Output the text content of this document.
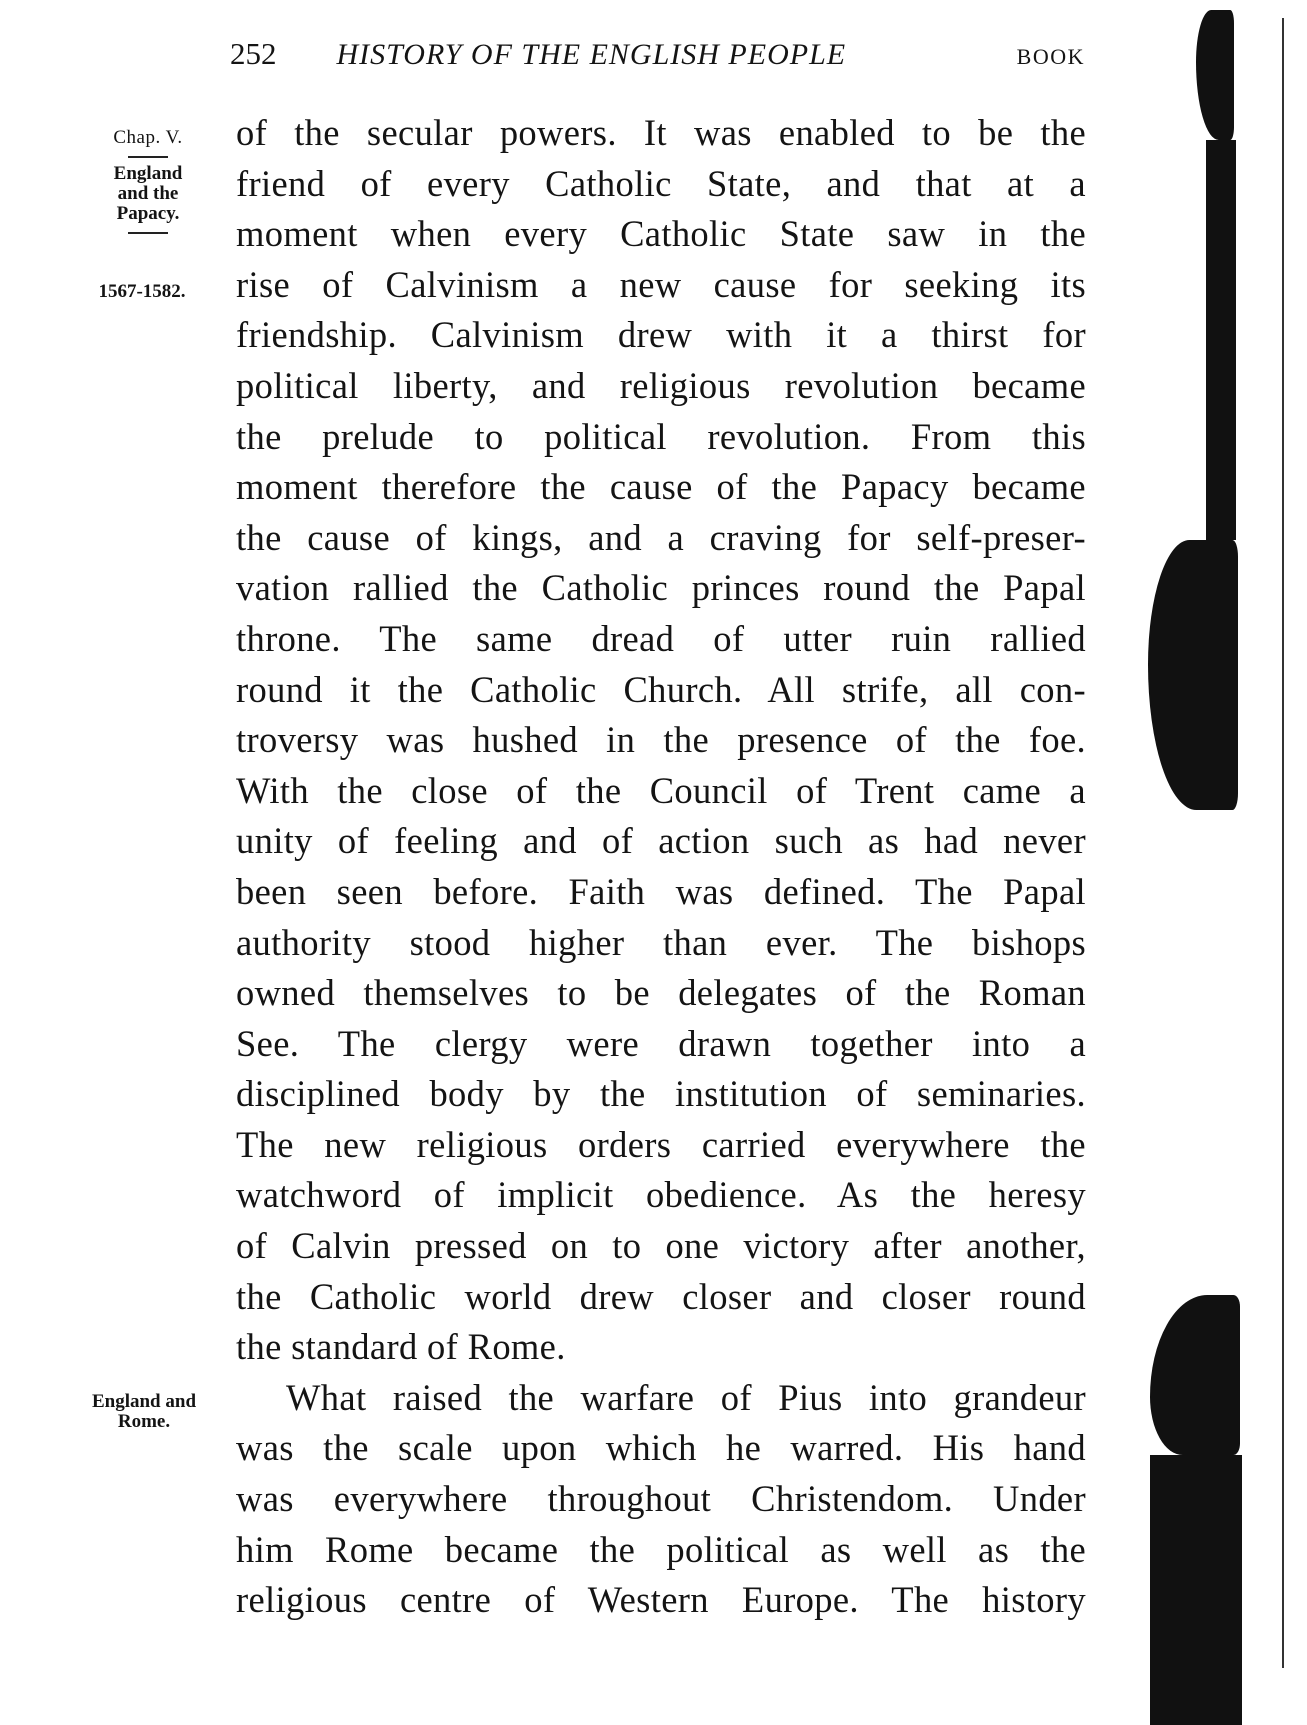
252 HISTORY OF THE ENGLISH PEOPLE	BOOK
Chap. V.
England
and the
Papacy.
1567-1582.
England and
Rome.
of the secular powers. It was enabled to be the
friend of every Catholic State, and that at a
moment when every Catholic State saw in the
rise of Calvinism a new cause for seeking its
friendship. Calvinism drew with it a thirst for
political liberty, and religious revolution became
the prelude to political revolution. From this
moment therefore the cause of the Papacy became
the cause of kings, and a craving for self-preser-
vation rallied the Catholic princes round the Papal
throne. The same dread of utter ruin rallied
round it the Catholic Church. All strife, all con-
troversy was hushed in the presence of the foe.
With the close of the Council of Trent came a
unity of feeling and of action such as had never
been seen before. Faith was defined. The Papal
authority stood higher than ever. The bishops
owned themselves to be delegates of the Roman
See. The clergy were drawn together into a
disciplined body by the institution of seminaries.
The new religious orders carried everywhere the
watchword of implicit obedience. As the heresy
of Calvin pressed on to one victory after another,
the Catholic world drew closer and closer round
the standard of Rome.
What raised the warfare of Pius into grandeur
was the scale upon which he warred. His hand
was everywhere throughout Christendom. Under
him Rome became the political as well as the
religious centre of Western Europe. The history
